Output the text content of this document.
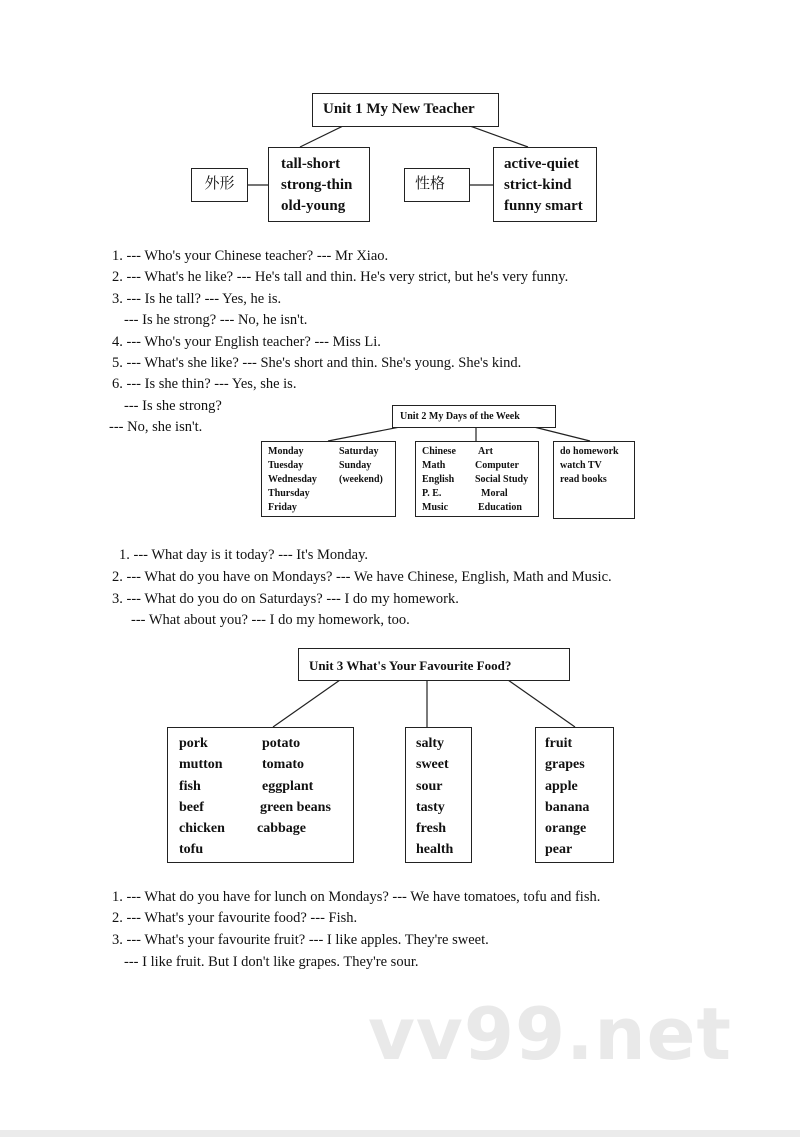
Unit 1 My New Teacher
外形
tall-short
strong-thin
old-young
性格
active-quiet
strict-kind
funny smart
1. --- Who's your Chinese teacher? --- Mr Xiao.
2. --- What's he like? --- He's tall and thin. He's very strict, but he's very funny.
3. --- Is he tall? --- Yes, he is.
--- Is he strong? --- No, he isn't.
4. --- Who's your English teacher? --- Miss Li.
5. --- What's she like? --- She's short and thin. She's young. She's kind.
6. --- Is she thin? --- Yes, she is.
--- Is she strong?
--- No, she isn't.
Unit 2 My Days of the Week
Monday
Tuesday
Wednesday
Thursday
Friday
Saturday
Sunday
(weekend)
Chinese
Math
English
P. E.
Music
Art
Computer
Social Study
Moral
Education
do homework
watch TV
read books
1. --- What day is it today? --- It's Monday.
2. --- What do you have on Mondays? --- We have Chinese, English, Math and Music.
3. --- What do you do on Saturdays? --- I do my homework.
--- What about you? --- I do my homework, too.
Unit 3 What's Your Favourite Food?
pork
mutton
fish
beef
chicken
tofu
potato
tomato
eggplant
green beans
cabbage
salty
sweet
sour
tasty
fresh
health
fruit
grapes
apple
banana
orange
pear
1. --- What do you have for lunch on Mondays? --- We have tomatoes, tofu and fish.
2. --- What's your favourite food? --- Fish.
3. --- What's your favourite fruit? --- I like apples. They're sweet.
--- I like fruit. But I don't like grapes. They're sour.
vv99.net
